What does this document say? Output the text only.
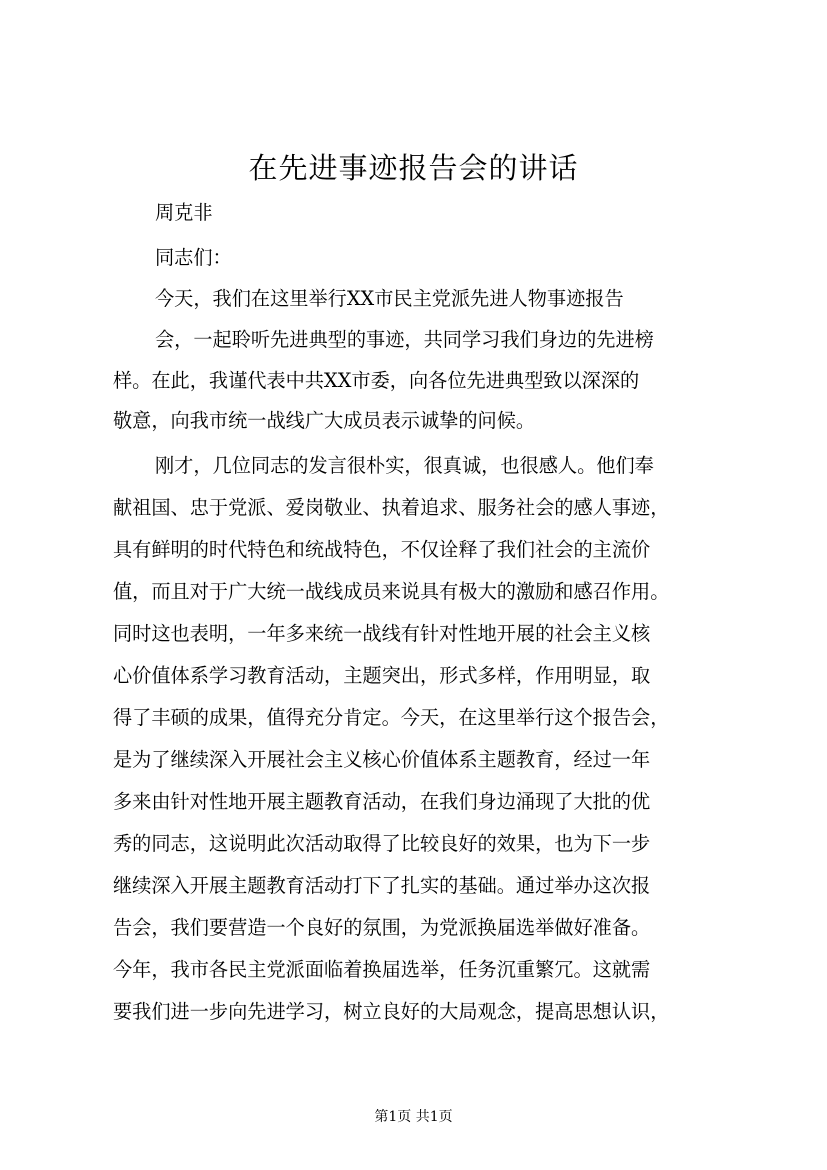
在先进事迹报告会的讲话
周克非
同志们：
今天，我们在这里举行XX市民主党派先进人物事迹报告
会，一起聆听先进典型的事迹，共同学习我们身边的先进榜
样。在此，我谨代表中共XX市委，向各位先进典型致以深深的
敬意，向我市统一战线广大成员表示诚挚的问候。
刚才，几位同志的发言很朴实，很真诚，也很感人。他们奉
献祖国、忠于党派、爱岗敬业、执着追求、服务社会的感人事迹，
具有鲜明的时代特色和统战特色，不仅诠释了我们社会的主流价
值，而且对于广大统一战线成员来说具有极大的激励和感召作用。
同时这也表明，一年多来统一战线有针对性地开展的社会主义核
心价值体系学习教育活动，主题突出，形式多样，作用明显，取
得了丰硕的成果，值得充分肯定。今天，在这里举行这个报告会，
是为了继续深入开展社会主义核心价值体系主题教育，经过一年
多来由针对性地开展主题教育活动，在我们身边涌现了大批的优
秀的同志，这说明此次活动取得了比较良好的效果，也为下一步
继续深入开展主题教育活动打下了扎实的基础。通过举办这次报
告会，我们要营造一个良好的氛围，为党派换届选举做好准备。
今年，我市各民主党派面临着换届选举，任务沉重繁冗。这就需
要我们进一步向先进学习，树立良好的大局观念，提高思想认识，
第1页 共1页
